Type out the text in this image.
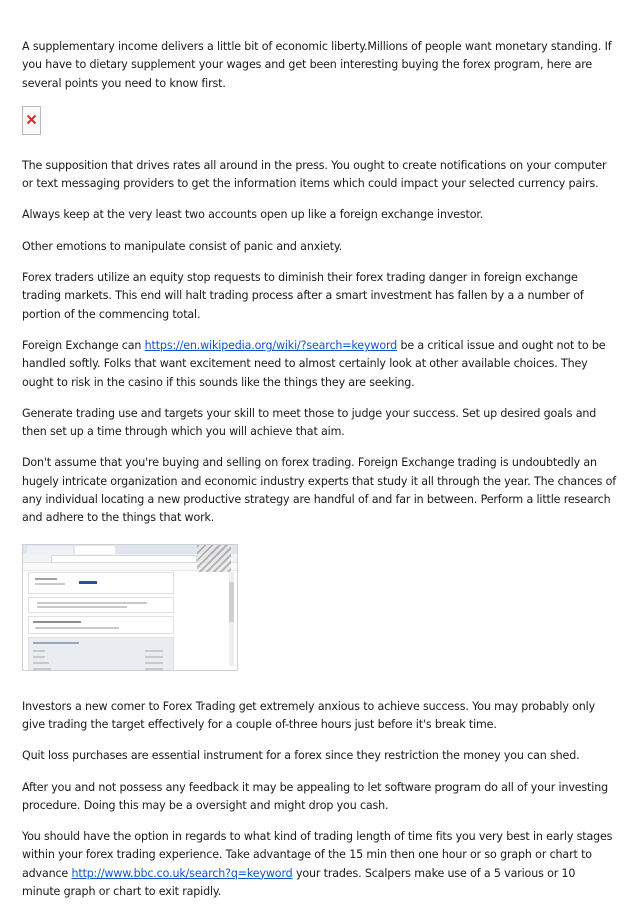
A supplementary income delivers a little bit of economic liberty.Millions of people want monetary standing. If you have to dietary supplement your wages and get been interesting buying the forex program, here are several points you need to know first.

The supposition that drives rates all around in the press. You ought to create notifications on your computer or text messaging providers to get the information items which could impact your selected currency pairs.

Always keep at the very least two accounts open up like a foreign exchange investor.

Other emotions to manipulate consist of panic and anxiety.

Forex traders utilize an equity stop requests to diminish their forex trading danger in foreign exchange trading markets. This end will halt trading process after a smart investment has fallen by a a number of portion of the commencing total.

Foreign Exchange can https://en.wikipedia.org/wiki/?search=keyword be a critical issue and ought not to be handled softly. Folks that want excitement need to almost certainly look at other available choices. They ought to risk in the casino if this sounds like the things they are seeking.

Generate trading use and targets your skill to meet those to judge your success. Set up desired goals and then set up a time through which you will achieve that aim.

Don't assume that you're buying and selling on forex trading. Foreign Exchange trading is undoubtedly an hugely intricate organization and economic industry experts that study it all through the year. The chances of any individual locating a new productive strategy are handful of and far in between. Perform a little research and adhere to the things that work.

Investors a new comer to Forex Trading get extremely anxious to achieve success. You may probably only give trading the target effectively for a couple of-three hours just before it's break time.

Quit loss purchases are essential instrument for a forex since they restriction the money you can shed.

After you and not possess any feedback it may be appealing to let software program do all of your investing procedure. Doing this may be a oversight and might drop you cash.

You should have the option in regards to what kind of trading length of time fits you very best in early stages within your forex trading experience. Take advantage of the 15 min then one hour or so graph or chart to advance http://www.bbc.co.uk/search?q=keyword your trades. Scalpers make use of a 5 various or 10 minute graph or chart to exit rapidly.
